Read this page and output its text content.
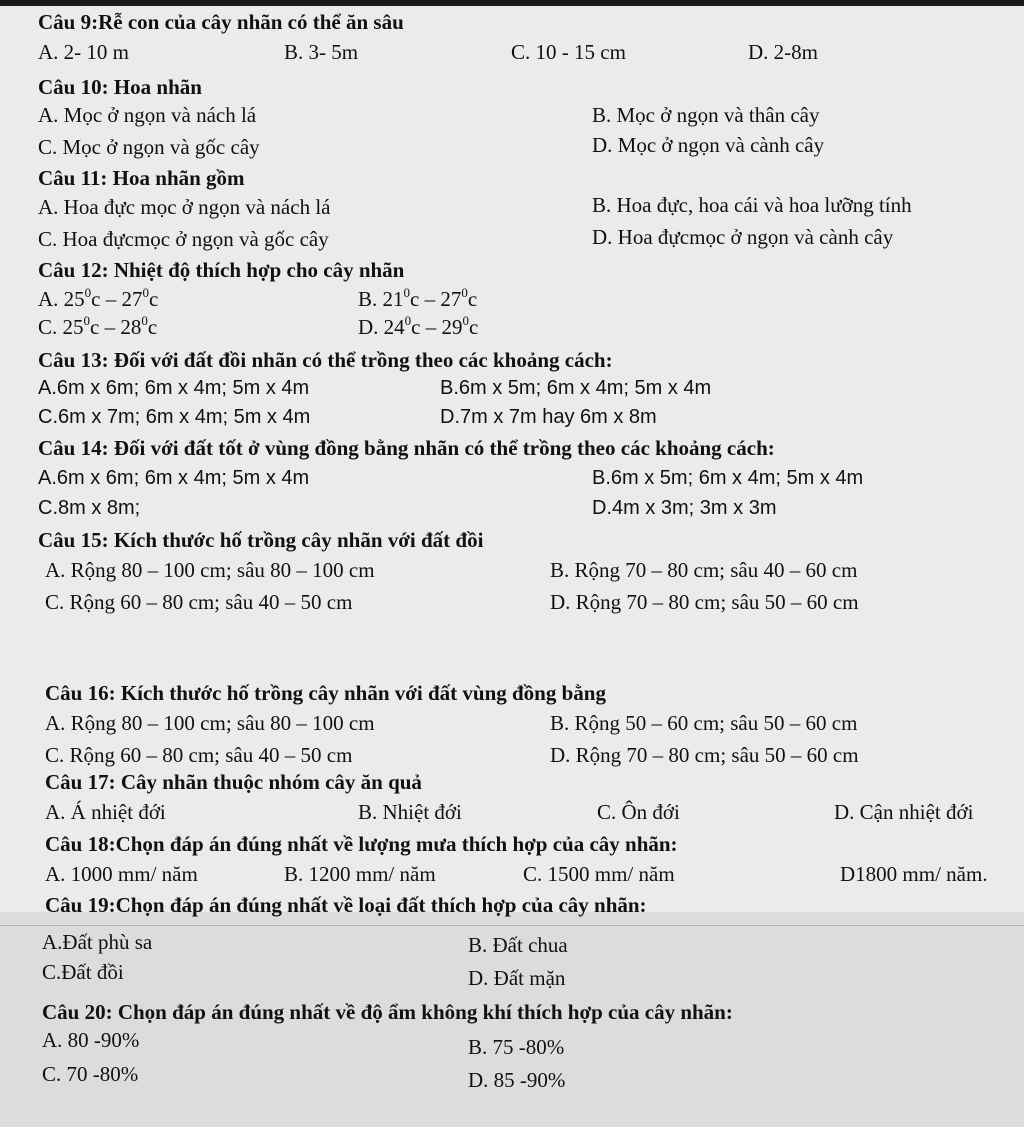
Câu 9:Rễ con của cây nhãn có thể ăn sâu
A. 2- 10 m	B. 3- 5m	C. 10 - 15 cm	D. 2-8m
Câu 10: Hoa nhãn
A. Mọc ở ngọn và nách lá	B. Mọc ở ngọn và thân cây
C. Mọc ở ngọn và gốc cây	D. Mọc ở ngọn và cành cây
Câu 11: Hoa nhãn gồm
A. Hoa đực mọc ở ngọn và nách lá	B. Hoa đực, hoa cái và hoa lưỡng tính
C. Hoa đựcmọc ở ngọn và gốc cây	D. Hoa đựcmọc ở ngọn và cành cây
Câu 12: Nhiệt độ thích hợp cho cây nhãn
A. $25^0c - 27^0c$	B. $21^0c - 27^0c$
C. $25^0c - 28^0c$	D. $24^0c - 29^0c$
Câu 13: Đối với đất đồi nhãn có thể trồng theo các khoảng cách:
A.6m x 6m; 6m x 4m; 5m x 4m	B.6m x 5m; 6m x 4m; 5m x 4m
C.6m x 7m; 6m x 4m; 5m x 4m	D.7m x 7m hay 6m x 8m
Câu 14: Đối với đất tốt ở vùng đồng bằng nhãn có thể trồng theo các khoảng cách:
A.6m x 6m; 6m x 4m; 5m x 4m	B.6m x 5m; 6m x 4m; 5m x 4m
C.8m x 8m;	D.4m x 3m; 3m x 3m
Câu 15: Kích thước hố trồng cây nhãn với đất đồi
A. Rộng 80 – 100 cm; sâu 80 – 100 cm	B. Rộng 70 – 80 cm; sâu 40 – 60 cm
C. Rộng 60 – 80 cm; sâu 40 – 50 cm	D. Rộng 70 – 80 cm; sâu 50 – 60 cm
Câu 16: Kích thước hố trồng cây nhãn với đất vùng đồng bằng
A. Rộng 80 – 100 cm; sâu 80 – 100 cm	B. Rộng 50 – 60 cm; sâu 50 – 60 cm
C. Rộng 60 – 80 cm; sâu 40 – 50 cm	D. Rộng 70 – 80 cm; sâu 50 – 60 cm
Câu 17: Cây nhãn thuộc nhóm cây ăn quả
A. Á nhiệt đới	B. Nhiệt đới	C. Ôn đới	D. Cận nhiệt đới
Câu 18:Chọn đáp án đúng nhất về lượng mưa thích hợp của cây nhãn:
A. 1000 mm/ năm	B. 1200 mm/ năm	C. 1500 mm/ năm	D1800 mm/ năm.
Câu 19:Chọn đáp án đúng nhất về loại đất thích hợp của cây nhãn:
A.Đất phù sa	B. Đất chua
C.Đất đồi	D. Đất mặn
Câu 20: Chọn đáp án đúng nhất về độ ẩm không khí thích hợp của cây nhãn:
A. 80 -90%	B. 75 -80%
C. 70 -80%	D. 85 -90%
